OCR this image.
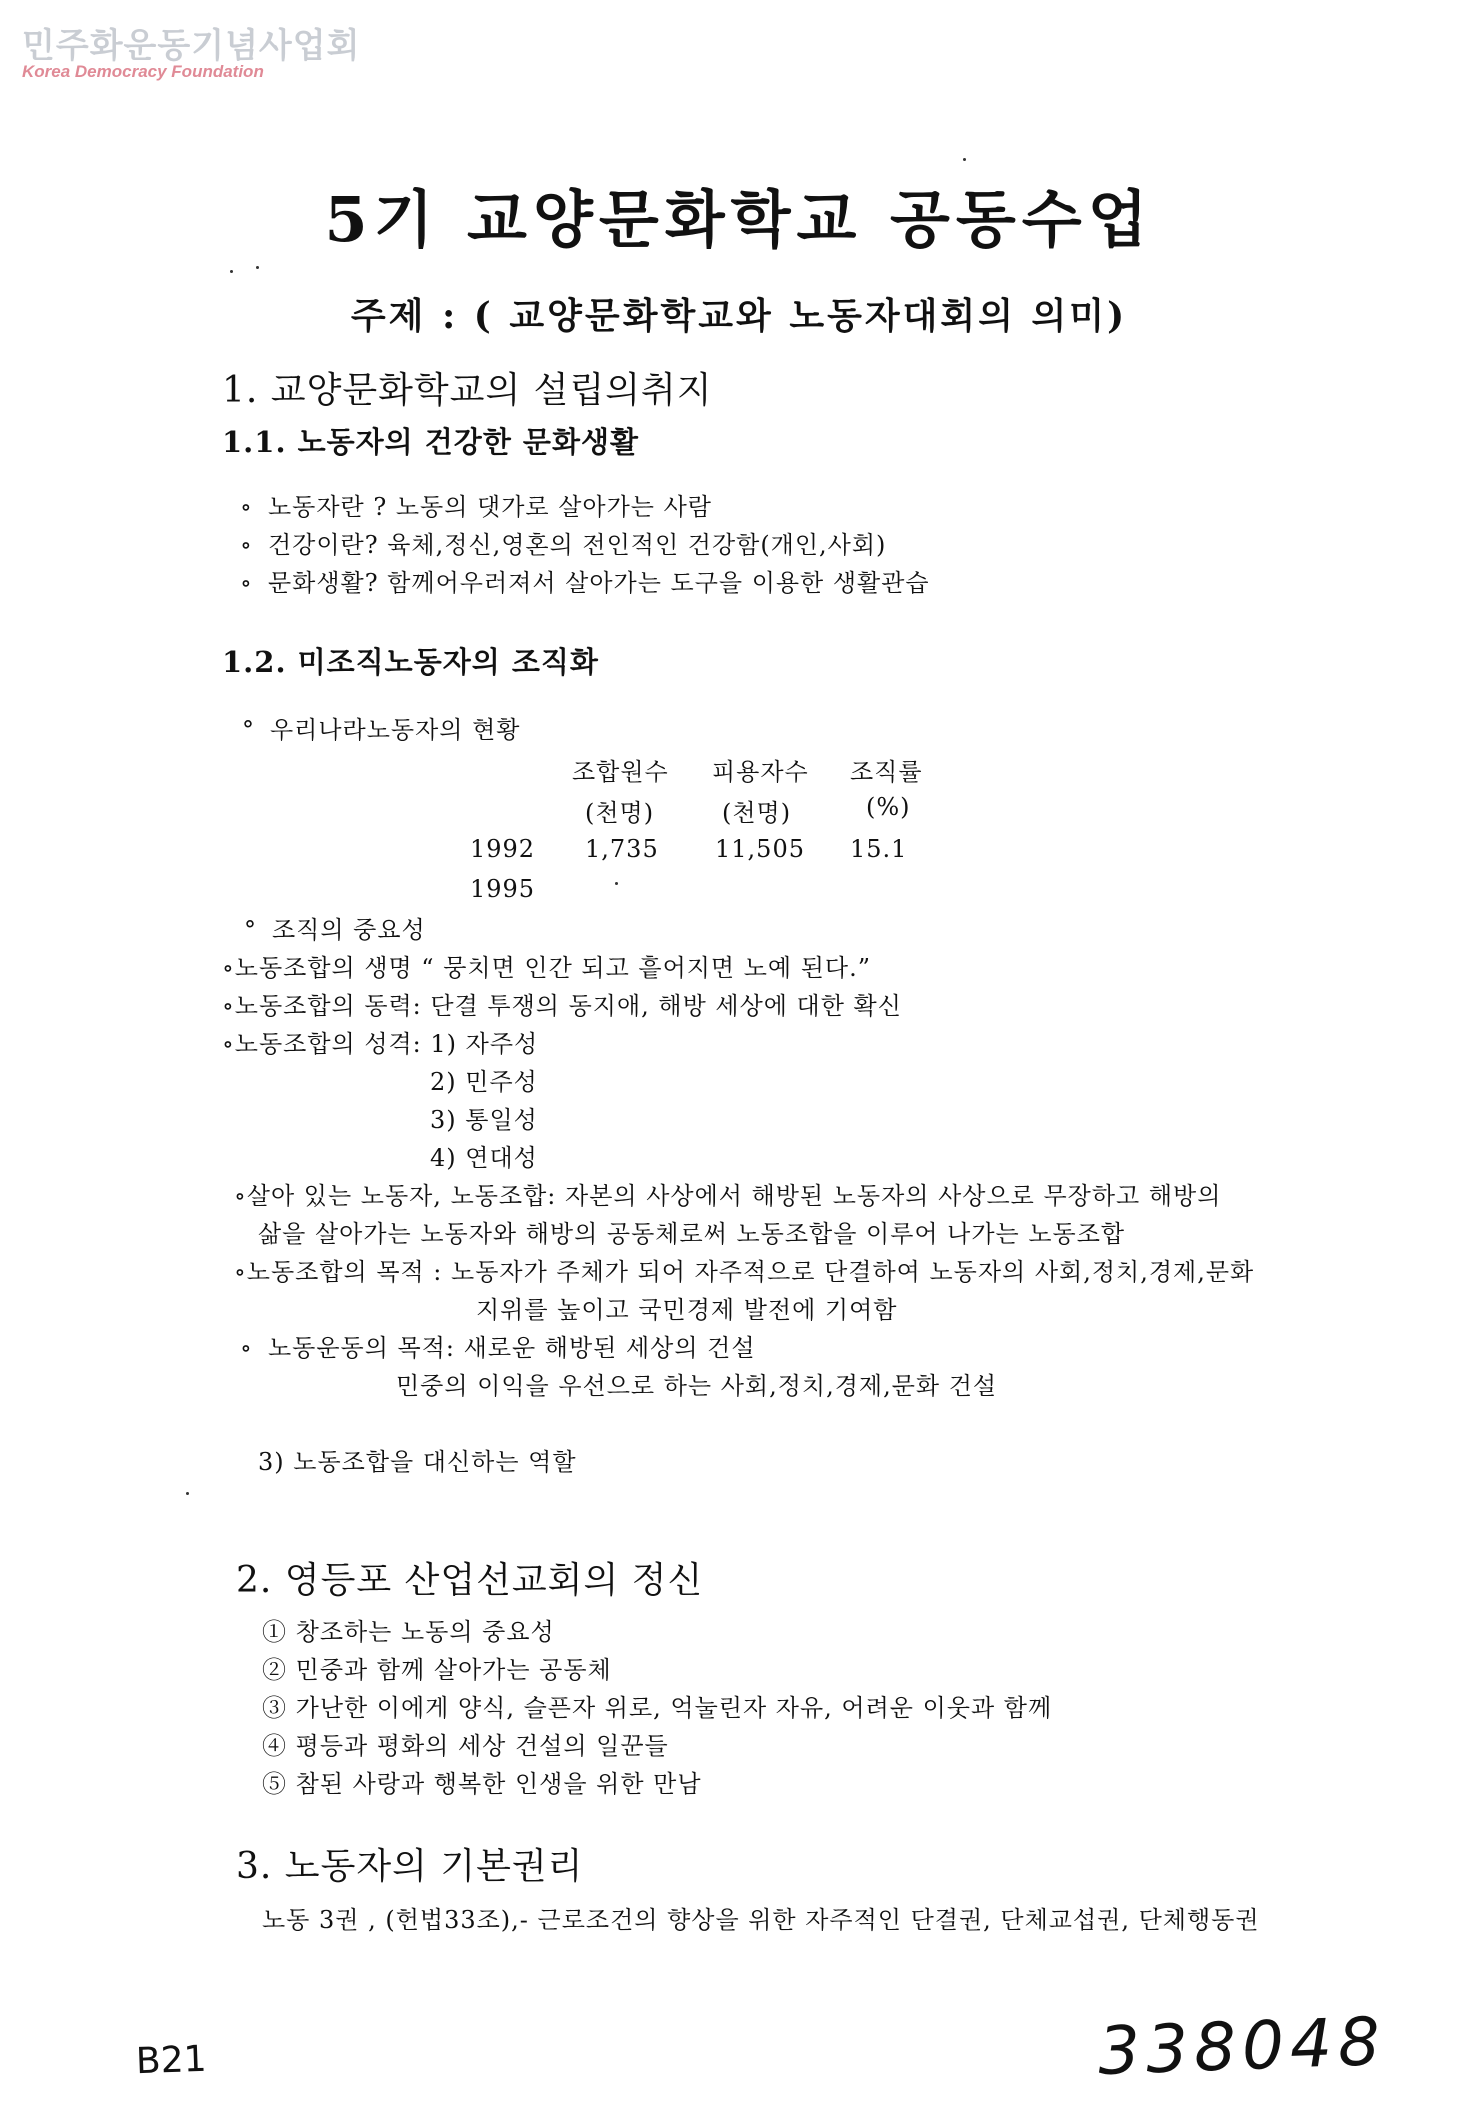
민주화운동기념사업회
Korea Democracy Foundation
5기 교양문화학교 공동수업
주제 : ( 교양문화학교와 노동자대회의 의미)
1. 교양문화학교의 설립의취지
1.1. 노동자의 건강한 문화생활
∘ 노동자란 ? 노동의 댓가로 살아가는 사람
∘ 건강이란? 육체,정신,영혼의 전인적인 건강함(개인,사회)
∘ 문화생활? 함께어우러져서 살아가는 도구을 이용한 생활관습
1.2. 미조직노동자의 조직화
° 우리나라노동자의 현황
조합원수 피용자수 조직률
(천명)	(천명)	(%)
1992 1,735 11,505 15.1
1995
° 조직의 중요성
∘노동조합의 생명 “ 뭉치면 인간 되고 흩어지면 노예 된다.”
∘노동조합의 동력: 단결 투쟁의 동지애, 해방 세상에 대한 확신
∘노동조합의 성격: 1) 자주성
2) 민주성
3) 통일성
4) 연대성
∘살아 있는 노동자, 노동조합: 자본의 사상에서 해방된 노동자의 사상으로 무장하고 해방의
삶을 살아가는 노동자와 해방의 공동체로써 노동조합을 이루어 나가는 노동조합
∘노동조합의 목적 : 노동자가 주체가 되어 자주적으로 단결하여 노동자의 사회,정치,경제,문화
지위를 높이고 국민경제 발전에 기여함
∘ 노동운동의 목적: 새로운 해방된 세상의 건설
민중의 이익을 우선으로 하는 사회,정치,경제,문화 건설
3) 노동조합을 대신하는 역할
2. 영등포 산업선교회의 정신
① 창조하는 노동의 중요성
② 민중과 함께 살아가는 공동체
③ 가난한 이에게 양식, 슬픈자 위로, 억눌린자 자유, 어려운 이웃과 함께
④ 평등과 평화의 세상 건설의 일꾼들
⑤ 참된 사랑과 행복한 인생을 위한 만남
3. 노동자의 기본권리
노동 3권 , (헌법33조),- 근로조건의 향상을 위한 자주적인 단결권, 단체교섭권, 단체행동권
B21	338048
